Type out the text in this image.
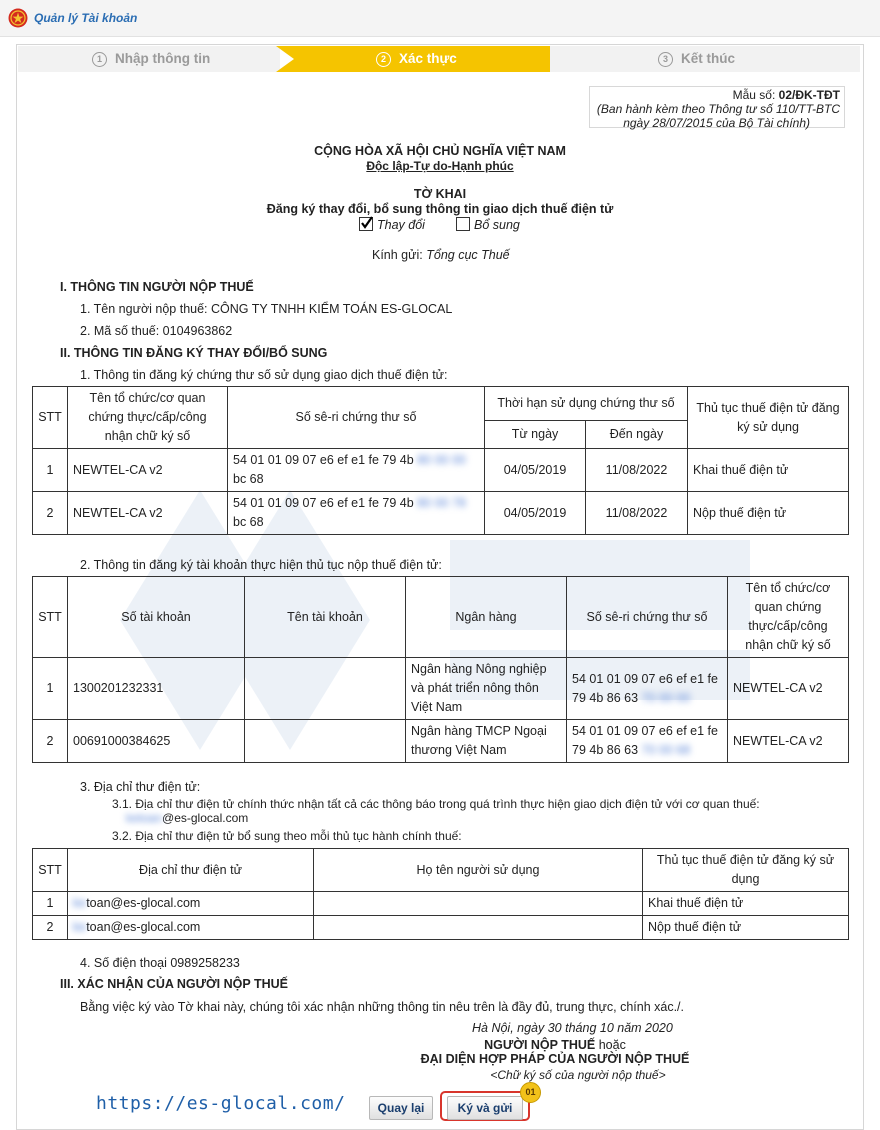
Quản lý Tài khoản
1 Nhập thông tin	2 Xác thực	3 Kết thúc
Mẫu số: 02/ĐK-TĐT
(Ban hành kèm theo Thông tư số 110/TT-BTC
ngày 28/07/2015 của Bộ Tài chính)
CỘNG HÒA XÃ HỘI CHỦ NGHĨA VIỆT NAM
Độc lập-Tự do-Hạnh phúc
TỜ KHAI
Đăng ký thay đổi, bổ sung thông tin giao dịch thuế điện tử
Thay đổi	Bổ sung
Kính gửi: Tổng cục Thuế
I. THÔNG TIN NGƯỜI NỘP THUẾ
1. Tên người nộp thuế: CÔNG TY TNHH KIỂM TOÁN ES-GLOCAL
2. Mã số thuế: 0104963862
II. THÔNG TIN ĐĂNG KÝ THAY ĐỔI/BỔ SUNG
1. Thông tin đăng ký chứng thư số sử dụng giao dịch thuế điện tử:
STT	Tên tổ chức/cơ quan chứng thực/cấp/công nhận chữ ký số	Số sê-ri chứng thư số	Thời hạn sử dụng chứng thư số		Thủ tục thuế điện tử đăng ký sử dụng
			Từ ngày	Đến ngày	
1	NEWTEL-CA v2	54 01 01 09 07 e6 ef e1 fe 79 4b 80 00 00
bc 68	04/05/2019	11/08/2022	Khai thuế điện tử
2	NEWTEL-CA v2	54 01 01 09 07 e6 ef e1 fe 79 4b 80 00 78
bc 68	04/05/2019	11/08/2022	Nộp thuế điện tử
2. Thông tin đăng ký tài khoản thực hiện thủ tục nộp thuế điện tử:
STT	Số tài khoản	Tên tài khoản	Ngân hàng	Số sê-ri chứng thư số	Tên tổ chức/cơ quan chứng thực/cấp/công nhận chữ ký số
1	1300201232331		Ngân hàng Nông nghiệp và phát triển nông thôn Việt Nam	54 01 01 09 07 e6 ef e1 fe
79 4b 86 63 70 00 00	NEWTEL-CA v2
2	00691000384625		Ngân hàng TMCP Ngoại thương Việt Nam	54 01 01 09 07 e6 ef e1 fe
79 4b 86 63 70 00 68	NEWTEL-CA v2
3. Địa chỉ thư điện tử:
3.1. Địa chỉ thư điện tử chính thức nhận tất cả các thông báo trong quá trình thực hiện giao dịch điện tử với cơ quan thuế:
ketoan@es-glocal.com
3.2. Địa chỉ thư điện tử bổ sung theo mỗi thủ tục hành chính thuế:
STT	Địa chỉ thư điện tử	Họ tên người sử dụng	Thủ tục thuế điện tử đăng ký sử dụng
1	ketoan@es-glocal.com		Khai thuế điện tử
2	ketoan@es-glocal.com		Nộp thuế điện tử
4. Số điện thoại 0989258233
III. XÁC NHẬN CỦA NGƯỜI NỘP THUẾ
Bằng việc ký vào Tờ khai này, chúng tôi xác nhận những thông tin nêu trên là đầy đủ, trung thực, chính xác./.
Hà Nội, ngày 30 tháng 10 năm 2020
NGƯỜI NỘP THUẾ hoặc
ĐẠI DIỆN HỢP PHÁP CỦA NGƯỜI NỘP THUẾ
<Chữ ký số của người nộp thuế>
https://es-glocal.com/	Quay lại	Ký và gửi
01
